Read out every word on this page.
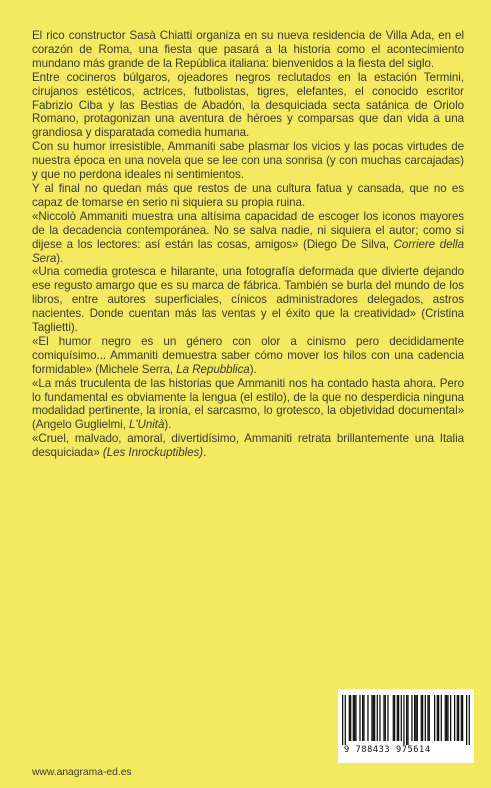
El rico constructor Sasà Chiatti organiza en su nueva residencia de Villa Ada, en el corazón de Roma, una fiesta que pasará a la historia como el acontecimiento mundano más grande de la República italiana: bienvenidos a la fiesta del siglo.

Entre cocineros búlgaros, ojeadores negros reclutados en la estación Termini, cirujanos estéticos, actrices, futbolistas, tigres, elefantes, el conocido escritor Fabrizio Ciba y las Bestias de Abadón, la desquiciada secta satánica de Oriolo Romano, protagonizan una aventura de héroes y comparsas que dan vida a una grandiosa y disparatada comedia humana.

Con su humor irresistible, Ammaniti sabe plasmar los vicios y las pocas virtudes de nuestra época en una novela que se lee con una sonrisa (y con muchas carcajadas) y que no perdona ideales ni sentimientos.

Y al final no quedan más que restos de una cultura fatua y cansada, que no es capaz de tomarse en serio ni siquiera su propia ruina.

«Niccolò Ammaniti muestra una altísima capacidad de escoger los iconos mayores de la decadencia contemporánea. No se salva nadie, ni siquiera el autor; como si dijese a los lectores: así están las cosas, amigos» (Diego De Silva, Corriere della Sera).

«Una comedia grotesca e hilarante, una fotografía deformada que divierte dejando ese regusto amargo que es su marca de fábrica. También se burla del mundo de los libros, entre autores superficiales, cínicos administradores delegados, astros nacientes. Donde cuentan más las ventas y el éxito que la creatividad» (Cristina Taglietti).

«El humor negro es un género con olor a cinismo pero decididamente comiquísimo... Ammaniti demuestra saber cómo mover los hilos con una cadencia formidable» (Michele Serra, La Repubblica).

«La más truculenta de las historias que Ammaniti nos ha contado hasta ahora. Pero lo fundamental es obviamente la lengua (el estilo), de la que no desperdicia ninguna modalidad pertinente, la ironía, el sarcasmo, lo grotesco, la objetividad documental» (Angelo Guglielmi, L'Unità).

«Cruel, malvado, amoral, divertidísimo, Ammaniti retrata brillantemente una Italia desquiciada» (Les Inrockuptibles).

9 788433 975614
www.anagrama-ed.es
